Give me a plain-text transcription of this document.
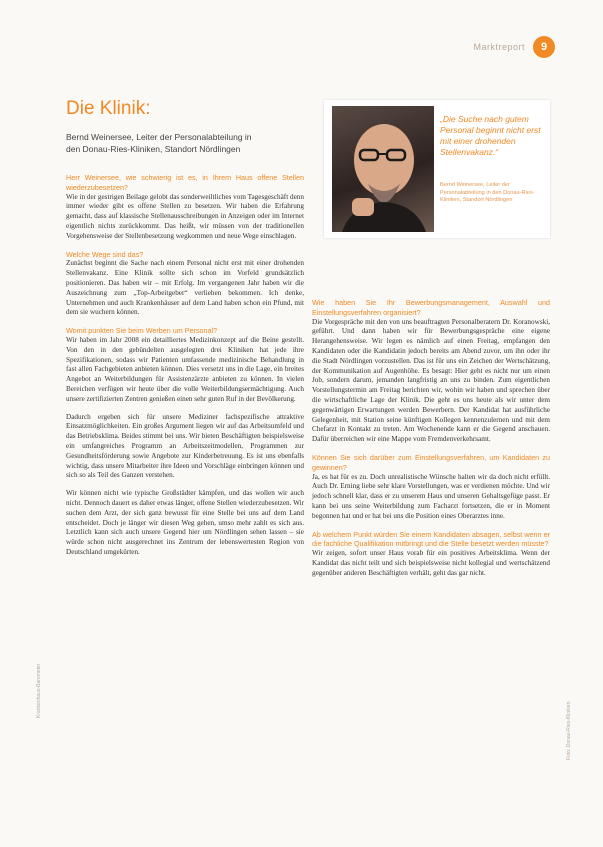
Marktreport	9
Die Klinik:
Bernd Weinersee, Leiter der Personalabteilung in
den Donau-Ries-Kliniken, Standort Nördlingen

Herr Weinersee, wie schwierig ist es, in Ihrem Haus offene Stellen wiederzubesetzen?

Wie in der gestrigen Beilage gelobt das sonderweiltliches vom Tagesgeschäft denn immer wieder gibt es offene Stellen zu besetzen. Wir haben die Erfahrung gemacht, dass auf klassische Stellenausschreibungen in Anzeigen oder im Internet eigentlich nichts zurückkommt. Das heißt, wir müssen von der traditionellen Vorgehensweise der Stellenbesetzung wegkommen und neue Wege einschlagen.

Welche Wege sind das?

Zunächst beginnt die Sache nach einem Personal nicht erst mit einer drohenden Stellenvakanz. Eine Klinik sollte sich schon im Vorfeld grundsätzlich positionieren. Das haben wir – mit Erfolg. Im vergangenen Jahr haben wir die Auszeichnung zum „Top-Arbeitgeber“ verliehen bekommen. Ich denke, Unternehmen und auch Krankenhäuser auf dem Land haben schon ein Pfund, mit dem sie wuchern können.

Womit punkten Sie beim Werben um Personal?

Wir haben im Jahr 2008 ein detailliertes Medizinkonzept auf die Beine gestellt. Von den in den gebündelten ausgelegten drei Kliniken hat jede ihre Spezifikationen, sodass wir Patienten umfassende medizinische Behandlung in fast allen Fachgebieten anbieten können. Dies versetzt uns in die Lage, ein breites Angebot an Weiterbildungen für Assistenzärzte anbieten zu können. In vielen Bereichen verfügen wir heute über die volle Weiterbildungsermächtigung. Auch unsere zertifizierten Zentren genießen einen sehr guten Ruf in der Bevölkerung.

Dadurch ergeben sich für unsere Mediziner fachspezifische attraktive Einsatzmöglichkeiten. Ein großes Argument liegen wir auf das Arbeitsumfeld und das Betriebsklima. Beides stimmt bei uns. Wir bieten Beschäftigten beispielsweise ein umfangreiches Programm an Arbeitszeitmodellen, Programmen zur Gesundheitsförderung sowie Angebote zur Kinderbetreuung. Es ist uns ebenfalls wichtig, dass unsere Mitarbeiter ihre Ideen und Vorschläge einbringen können und sich so als Teil des Ganzen verstehen.

Wir können nicht wie typische Großstädter kämpfen, und das wollen wir auch nicht. Dennoch dauert es daher etwas länger, offene Stellen wiederzubesetzen. Wir suchen dem Arzt, der sich ganz bewusst für eine Stelle bei uns auf dem Land entscheidet. Doch je länger wir diesen Weg gehen, umso mehr zahlt es sich aus. Letztlich kann sich auch unsere Gegend hier um Nördlingen sehen lassen – sie würde schon nicht ausgerechnet ins Zentrum der lebenswertesten Region von Deutschland umgekürten.

„Die Suche nach gutem Personal beginnt nicht erst mit einer drohenden Stellenvakanz.“
Bernd Weinersee, Leiter der Personalabteilung in den Donau-Ries-Kliniken, Standort Nördlingen

Wie haben Sie Ihr Bewerbungsmanagement, Auswahl und Einstellungsverfahren organisiert?

Die Vorgespräche mit den von uns beauftragten Personalberatern Dr. Koranowski, geführt. Und dann haben wir für Bewerbungsgespräche eine eigene Herangehensweise. Wir legen es nämlich auf einen Freitag, empfangen den Kandidaten oder die Kandidatin jedoch bereits am Abend zuvor, um ihn oder ihr die Stadt Nördlingen vorzustellen. Das ist für uns ein Zeichen der Wertschätzung, der Kommunikation auf Augenhöhe. Es besagt: Hier geht es nicht nur um einen Job, sondern darum, jemanden langfristig an uns zu binden. Zum eigentlichen Vorstellungstermin am Freitag berichten wir, wohin wir haben und sprechen über die wirtschaftliche Lage der Klinik. Die geht es uns heute als wir unter dem gegenwärtigen Erwartungen werden Bewerbern. Der Kandidat hat ausführliche Gelegenheit, mit Station seine künftigen Kollegen kennenzulernen und mit dem Chefarzt in Kontakt zu treten. Am Wochenende kann er die Gegend anschauen. Dafür überreichen wir eine Mappe vom Fremdenverkehrsamt.

Können Sie sich darüber zum Einstellungsverfahren, um Kandidaten zu gewinnen?

Ja, es hat für es zu. Doch unrealistische Wünsche halten wir da doch nicht erfüllt. Auch Dr. Erning liebe sehr klare Vorstellungen, was er verdienen möchte. Und wir jedoch schnell klar, dass er zu unserem Haus und unseren Gehaltsgefüge passt. Er kann bei uns seine Weiterbildung zum Facharzt fortsetzen, die er in Moment begonnen hat und er hat bei uns die Position eines Oberarztes inne.

Ab welchem Punkt würden Sie einem Kandidaten absagen, selbst wenn er die fachliche Qualifikation mitbringt und die Stelle besetzt werden müsste?

Wir zeigen, sofort unser Haus vorab für ein positives Arbeitsklima. Wenn der Kandidat das nicht teilt und sich beispielsweise nicht kollegial und wertschätzend gegenüber anderen Beschäftigten verhält, geht das gar nicht.

Krankenhaus-Barometer
Foto: Donau-Ries-Kliniken
